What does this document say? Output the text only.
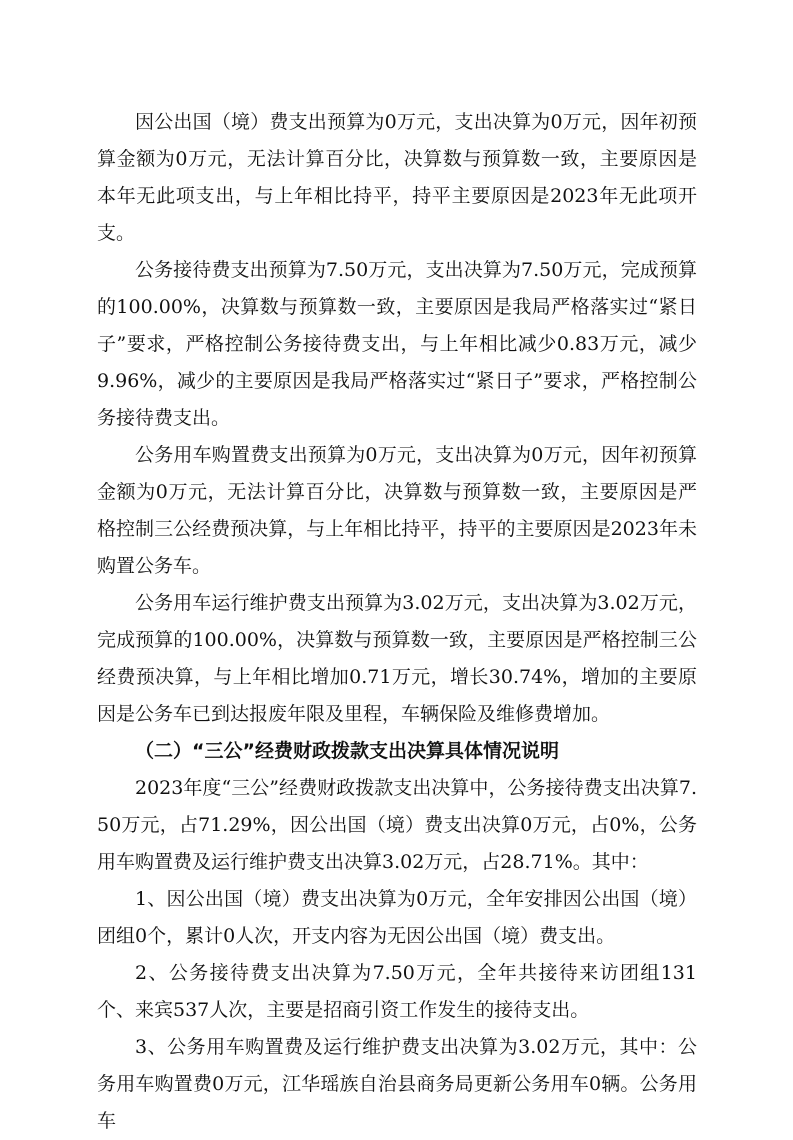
因公出国（境）费支出预算为0万元，支出决算为0万元，因年初预算金额为0万元，无法计算百分比，决算数与预算数一致，主要原因是本年无此项支出，与上年相比持平，持平主要原因是2023年无此项开支。

公务接待费支出预算为7.50万元，支出决算为7.50万元，完成预算的100.00%，决算数与预算数一致，主要原因是我局严格落实过“紧日子”要求，严格控制公务接待费支出，与上年相比减少0.83万元，减少9.96%，减少的主要原因是我局严格落实过“紧日子”要求，严格控制公务接待费支出。

公务用车购置费支出预算为0万元，支出决算为0万元，因年初预算金额为0万元，无法计算百分比，决算数与预算数一致，主要原因是严格控制三公经费预决算，与上年相比持平，持平的主要原因是2023年未购置公务车。

公务用车运行维护费支出预算为3.02万元，支出决算为3.02万元，完成预算的100.00%，决算数与预算数一致，主要原因是严格控制三公经费预决算，与上年相比增加0.71万元，增长30.74%，增加的主要原因是公务车已到达报废年限及里程，车辆保险及维修费增加。

（二）“三公”经费财政拨款支出决算具体情况说明

2023年度“三公”经费财政拨款支出决算中，公务接待费支出决算7.50万元，占71.29%，因公出国（境）费支出决算0万元，占0%，公务用车购置费及运行维护费支出决算3.02万元，占28.71%。其中：

1、因公出国（境）费支出决算为0万元，全年安排因公出国（境）团组0个，累计0人次，开支内容为无因公出国（境）费支出。

2、公务接待费支出决算为7.50万元，全年共接待来访团组131个、来宾537人次，主要是招商引资工作发生的接待支出。

3、公务用车购置费及运行维护费支出决算为3.02万元，其中：公务用车购置费0万元，江华瑶族自治县商务局更新公务用车0辆。公务用车
